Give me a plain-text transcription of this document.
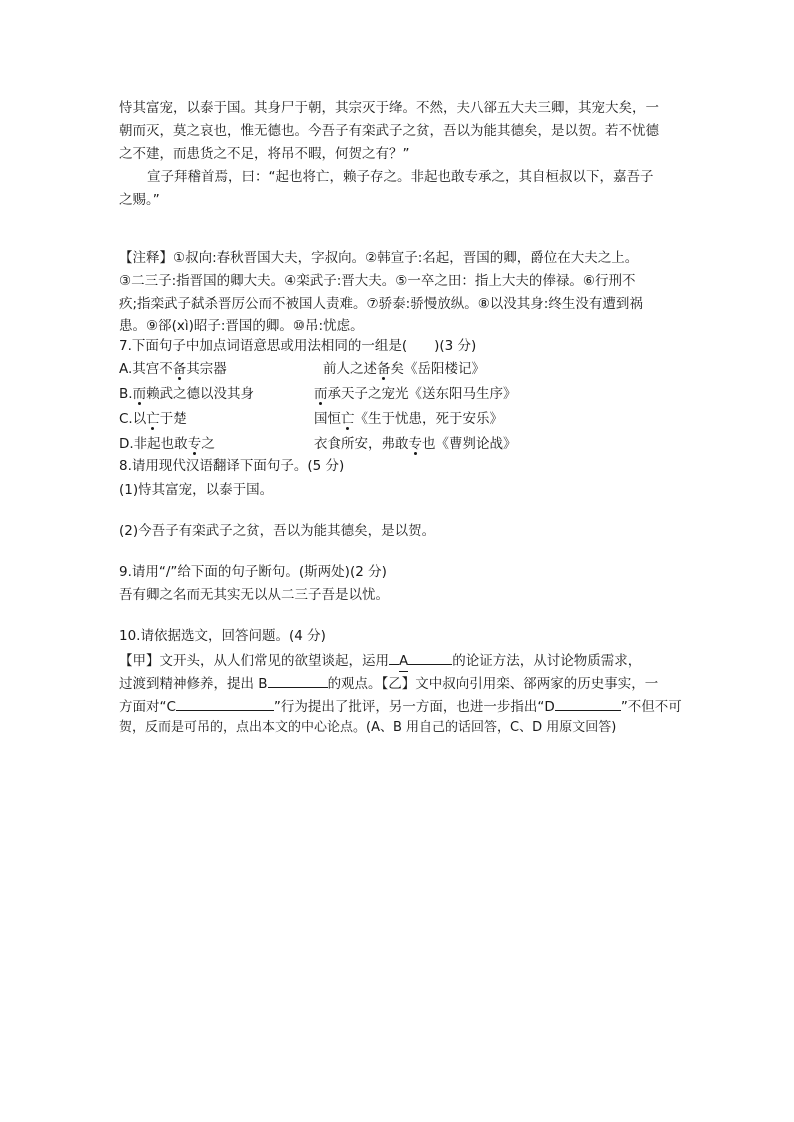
恃其富宠，以泰于国。其身尸于朝，其宗灭于绛。不然，夫八郤五大夫三卿，其宠大矣，一
朝而灭，莫之哀也，惟无德也。今吾子有栾武子之贫，吾以为能其德矣，是以贺。若不忧德
之不建，而患货之不足，将吊不暇，何贺之有？”
宣子拜稽首焉，曰：“起也将亡，赖子存之。非起也敢专承之，其自桓叔以下，嘉吾子
之赐。”
【注释】①叔向:春秋晋国大夫，字叔向。②韩宣子:名起，晋国的卿，爵位在大夫之上。
③二三子:指晋国的卿大夫。④栾武子:晋大夫。⑤一卒之田：指上大夫的俸禄。⑥行刑不
疚;指栾武子弑杀晋厉公而不被国人责难。⑦骄泰:骄慢放纵。⑧以没其身:终生没有遭到祸
患。⑨郤(xì)昭子:晋国的卿。⑩吊:忧虑。
7.下面句子中加点词语意思或用法相同的一组是(　　)(3 分)
A.其宫不备其宗器	前人之述备矣《岳阳楼记》
B.而赖武之德以没其身	而承天子之宠光《送东阳马生序》
C.以亡于楚	国恒亡《生于忧患，死于安乐》
D.非起也敢专之	衣食所安，弗敢专也《曹刿论战》
8.请用现代汉语翻译下面句子。(5 分)
(1)恃其富宠，以泰于国。
(2)今吾子有栾武子之贫，吾以为能其德矣，是以贺。
9.请用“/”给下面的句子断句。(斯两处)(2 分)
吾有卿之名而无其实无以从二三子吾是以忧。
10.请依据选文，回答问题。(4 分)
【甲】文开头，从人们常见的欲望谈起，运用 A	的论证方法，从讨论物质需求，
过渡到精神修养，提出 B	的观点。【乙】文中叔向引用栾、郤两家的历史事实，一
方面对“C	”行为提出了批评，另一方面，也进一步指出“D	”不但不可
贺，反而是可吊的，点出本文的中心论点。(A、B 用自己的话回答，C、D 用原文回答)
